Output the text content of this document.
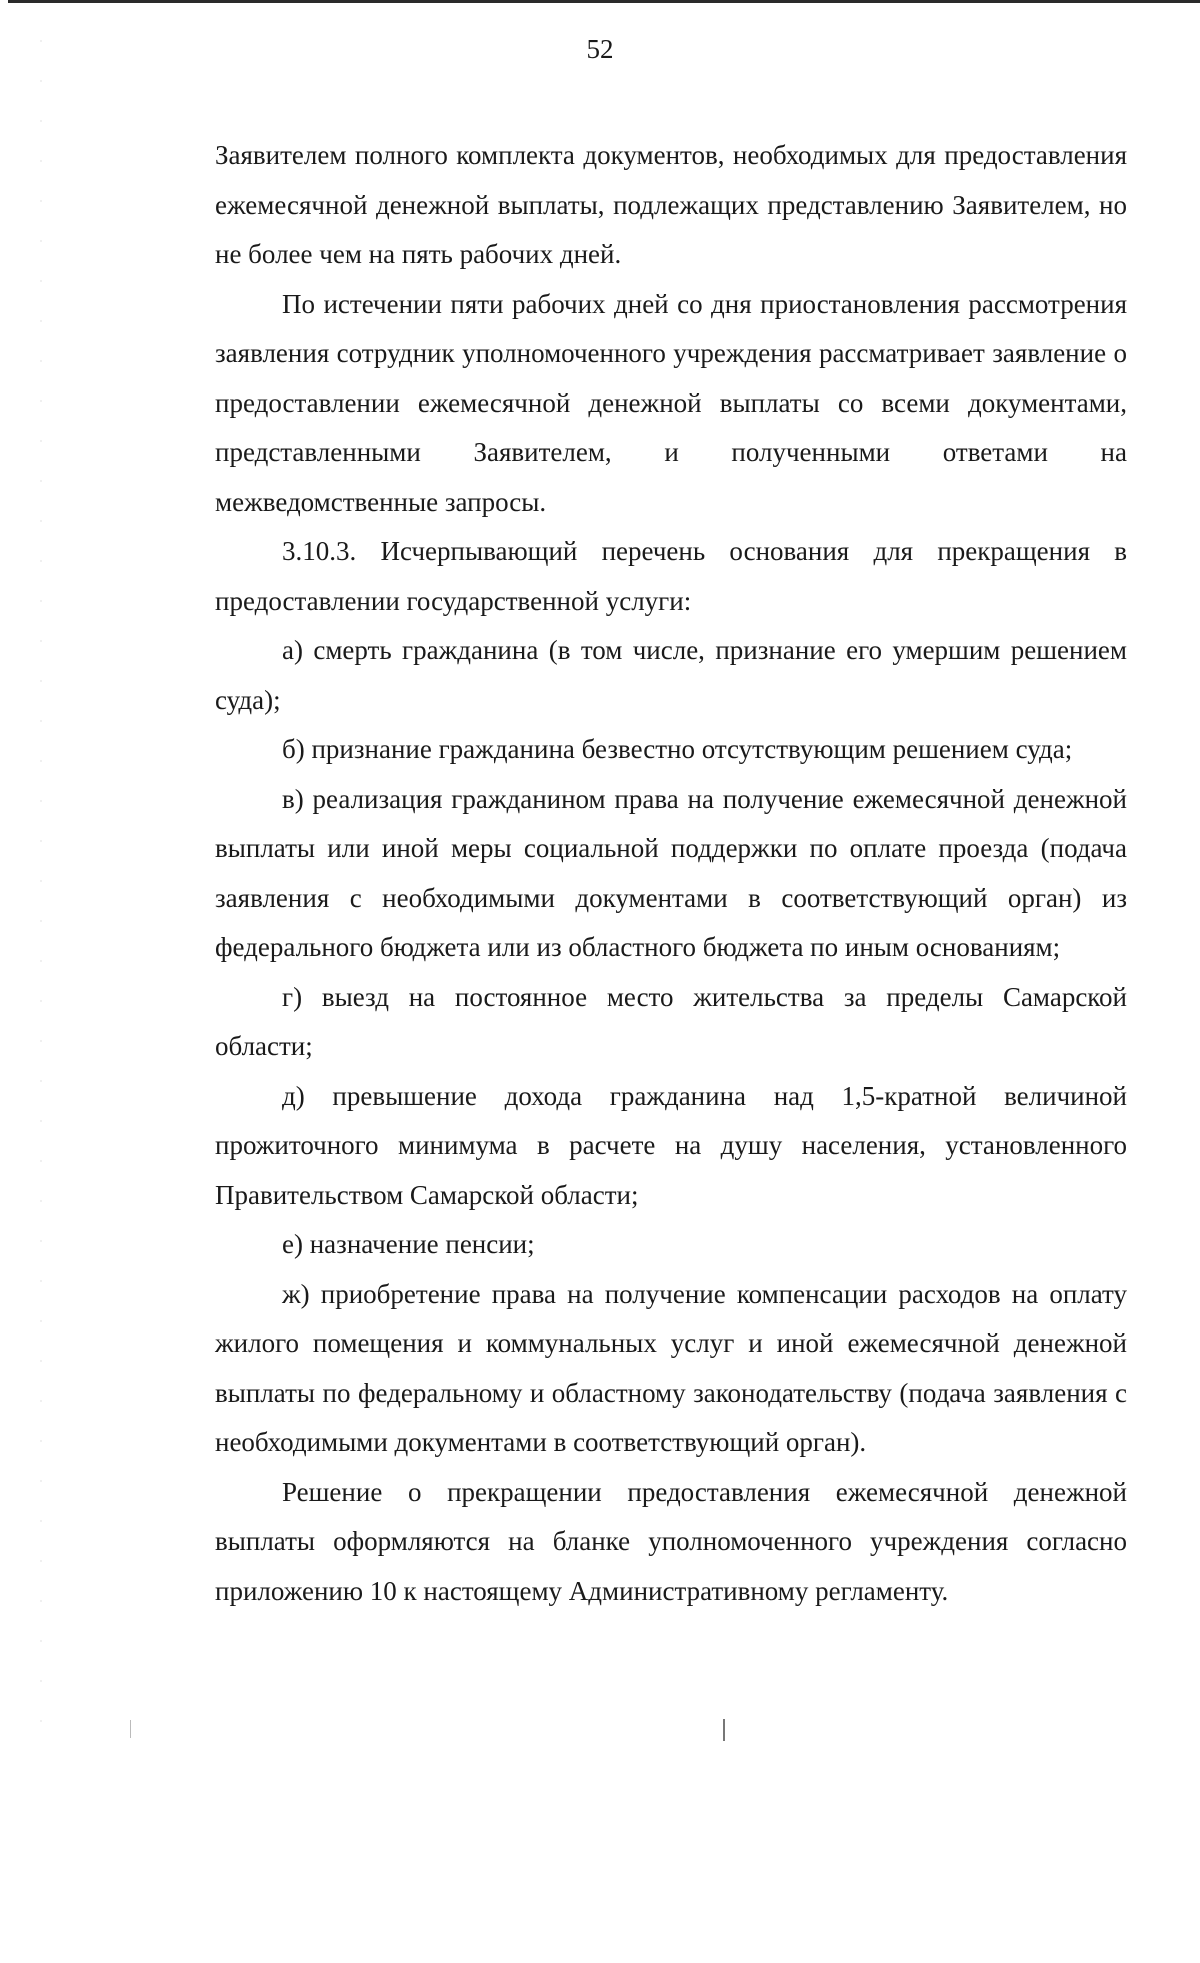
52

Заявителем полного комплекта документов, необходимых для предоставления ежемесячной денежной выплаты, подлежащих представлению Заявителем, но не более чем на пять рабочих дней.

По истечении пяти рабочих дней со дня приостановления рассмотрения заявления сотрудник уполномоченного учреждения рассматривает заявление о предоставлении ежемесячной денежной выплаты со всеми документами, представленными Заявителем, и полученными ответами на межведомственные запросы.

3.10.3. Исчерпывающий перечень основания для прекращения в предоставлении государственной услуги:

а) смерть гражданина (в том числе, признание его умершим решением суда);

б) признание гражданина безвестно отсутствующим решением суда;

в) реализация гражданином права на получение ежемесячной денежной выплаты или иной меры социальной поддержки по оплате проезда (подача заявления с необходимыми документами в соответствующий орган) из федерального бюджета или из областного бюджета по иным основаниям;

г) выезд на постоянное место жительства за пределы Самарской области;

д) превышение дохода гражданина над 1,5-кратной величиной прожиточного минимума в расчете на душу населения, установленного Правительством Самарской области;

е) назначение пенсии;

ж) приобретение права на получение компенсации расходов на оплату жилого помещения и коммунальных услуг и иной ежемесячной денежной выплаты по федеральному и областному законодательству (подача заявления с необходимыми документами в соответствующий орган).

Решение о прекращении предоставления ежемесячной денежной выплаты оформляются на бланке уполномоченного учреждения согласно приложению 10 к настоящему Административному регламенту.
